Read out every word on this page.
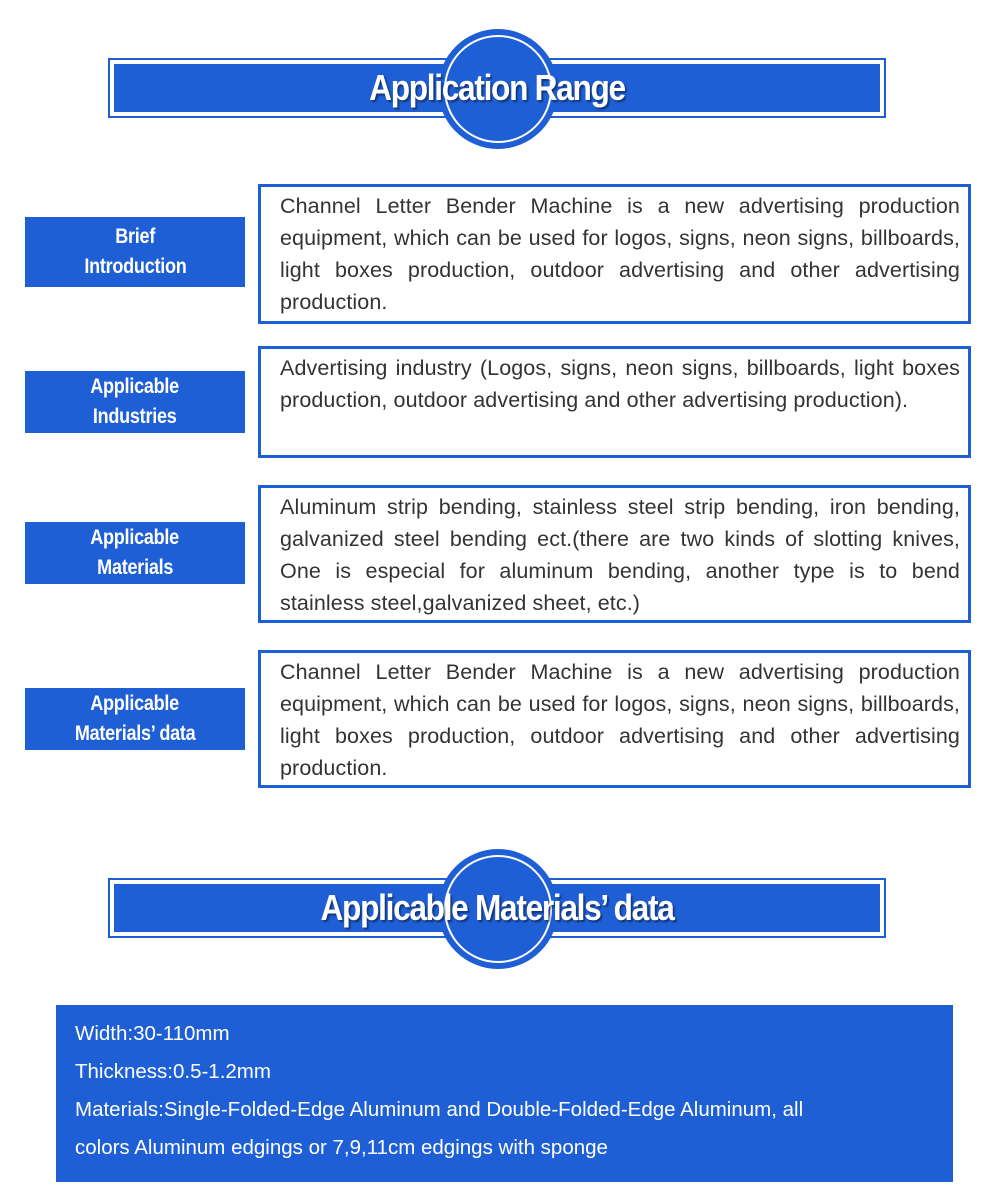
Application Range
Brief
Introduction

Channel Letter Bender Machine is a new advertising production equipment, which can be used for logos, signs, neon signs, billboards, light boxes production, outdoor advertising and other advertising production.

Applicable
Industries

Advertising industry (Logos, signs, neon signs, billboards, light boxes production, outdoor advertising and other advertising production).

Applicable
Materials

Aluminum strip bending, stainless steel strip bending, iron bending, galvanized steel bending ect.(there are two kinds of slotting knives, One is especial for aluminum bending, another type is to bend stainless steel,galvanized sheet, etc.)

Applicable
Materials’ data

Channel Letter Bender Machine is a new advertising production equipment, which can be used for logos, signs, neon signs, billboards, light boxes production, outdoor advertising and other advertising production.

Applicable Materials’ data
Width:30-110mm
Thickness:0.5-1.2mm
Materials:Single-Folded-Edge Aluminum and Double-Folded-Edge Aluminum, all
colors Aluminum edgings or 7,9,11cm edgings with sponge
